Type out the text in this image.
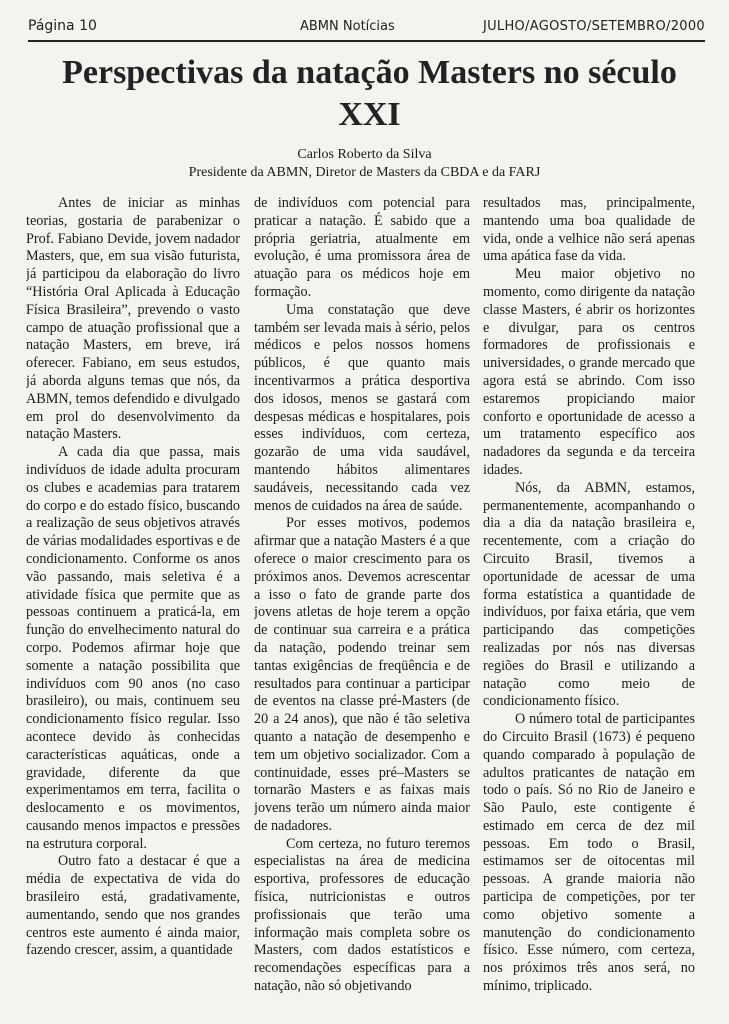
Página 10	ABMN Notícias	JULHO/AGOSTO/SETEMBRO/2000
Perspectivas da natação Masters no século XXI
Carlos Roberto da Silva
Presidente da ABMN, Diretor de Masters da CBDA e da FARJ

Antes de iniciar as minhas teorias, gostaria de parabenizar o Prof. Fabiano Devide, jovem nadador Masters, que, em sua visão futurista, já participou da elaboração do livro “História Oral Aplicada à Educação Física Brasileira”, prevendo o vasto campo de atuação profissional que a natação Masters, em breve, irá oferecer. Fabiano, em seus estudos, já aborda alguns temas que nós, da ABMN, temos defendido e divulgado em prol do desenvolvimento da natação Masters.

A cada dia que passa, mais indivíduos de idade adulta procuram os clubes e academias para tratarem do corpo e do estado físico, buscando a realização de seus objetivos através de várias modalidades esportivas e de condicionamento. Conforme os anos vão passando, mais seletiva é a atividade física que permite que as pessoas continuem a praticá-la, em função do envelhecimento natural do corpo. Podemos afirmar hoje que somente a natação possibilita que indivíduos com 90 anos (no caso brasileiro), ou mais, continuem seu condicionamento físico regular. Isso acontece devido às conhecidas características aquáticas, onde a gravidade, diferente da que experimentamos em terra, facilita o deslocamento e os movimentos, causando menos impactos e pressões na estrutura corporal.

Outro fato a destacar é que a média de expectativa de vida do brasileiro está, gradativamente, aumentando, sendo que nos grandes centros este aumento é ainda maior, fazendo crescer, assim, a quantidade

de indivíduos com potencial para praticar a natação. É sabido que a própria geriatria, atualmente em evolução, é uma promissora área de atuação para os médicos hoje em formação.

Uma constatação que deve também ser levada mais à sério, pelos médicos e pelos nossos homens públicos, é que quanto mais incentivarmos a prática desportiva dos idosos, menos se gastará com despesas médicas e hospitalares, pois esses indivíduos, com certeza, gozarão de uma vida saudável, mantendo hábitos alimentares saudáveis, necessitando cada vez menos de cuidados na área de saúde.

Por esses motivos, podemos afirmar que a natação Masters é a que oferece o maior crescimento para os próximos anos. Devemos acrescentar a isso o fato de grande parte dos jovens atletas de hoje terem a opção de continuar sua carreira e a prática da natação, podendo treinar sem tantas exigências de freqüência e de resultados para continuar a participar de eventos na classe pré-Masters (de 20 a 24 anos), que não é tão seletiva quanto a natação de desempenho e tem um objetivo socializador. Com a continuidade, esses pré–Masters se tornarão Masters e as faixas mais jovens terão um número ainda maior de nadadores.

Com certeza, no futuro teremos especialistas na área de medicina esportiva, professores de educação física, nutricionistas e outros profissionais que terão uma informação mais completa sobre os Masters, com dados estatísticos e recomendações específicas para a natação, não só objetivando

resultados mas, principalmente, mantendo uma boa qualidade de vida, onde a velhice não será apenas uma apática fase da vida.

Meu maior objetivo no momento, como dirigente da natação classe Masters, é abrir os horizontes e divulgar, para os centros formadores de profissionais e universidades, o grande mercado que agora está se abrindo. Com isso estaremos propiciando maior conforto e oportunidade de acesso a um tratamento específico aos nadadores da segunda e da terceira idades.

Nós, da ABMN, estamos, permanentemente, acompanhando o dia a dia da natação brasileira e, recentemente, com a criação do Circuito Brasil, tivemos a oportunidade de acessar de uma forma estatística a quantidade de indivíduos, por faixa etária, que vem participando das competições realizadas por nós nas diversas regiões do Brasil e utilizando a natação como meio de condicionamento físico.

O número total de participantes do Circuito Brasil (1673) é pequeno quando comparado à população de adultos praticantes de natação em todo o país. Só no Rio de Janeiro e São Paulo, este contigente é estimado em cerca de dez mil pessoas. Em todo o Brasil, estimamos ser de oitocentas mil pessoas. A grande maioria não participa de competições, por ter como objetivo somente a manutenção do condicionamento físico. Esse número, com certeza, nos próximos três anos será, no mínimo, triplicado.
